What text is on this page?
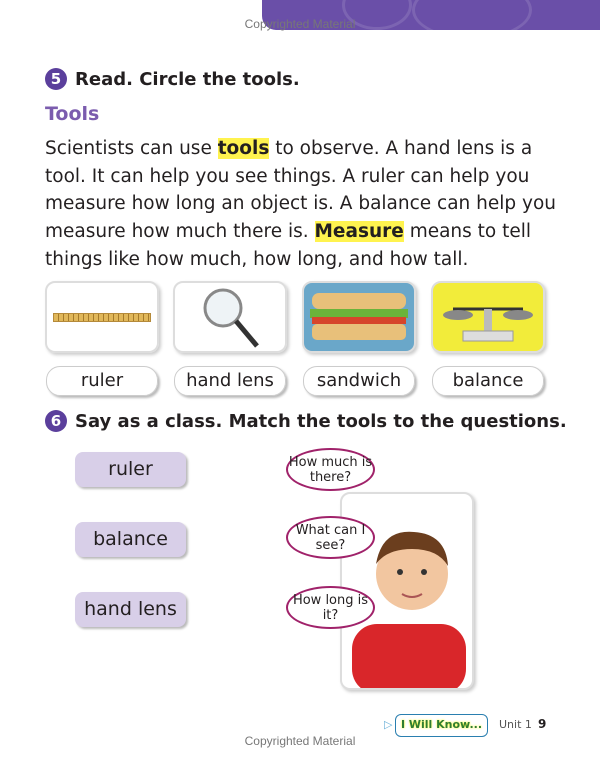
Copyrighted Material
5 Read. Circle the tools.
Tools
Scientists can use tools to observe. A hand lens is a tool. It can help you see things. A ruler can help you measure how long an object is. A balance can help you measure how much there is. Measure means to tell things like how much, how long, and how tall.
ruler	hand lens	sandwich	balance
6 Say as a class. Match the tools to the questions.
ruler
balance
hand lens
How much is there?
What can I see?
How long is it?
▷ I Will Know...	Unit 1 9
Copyrighted Material
